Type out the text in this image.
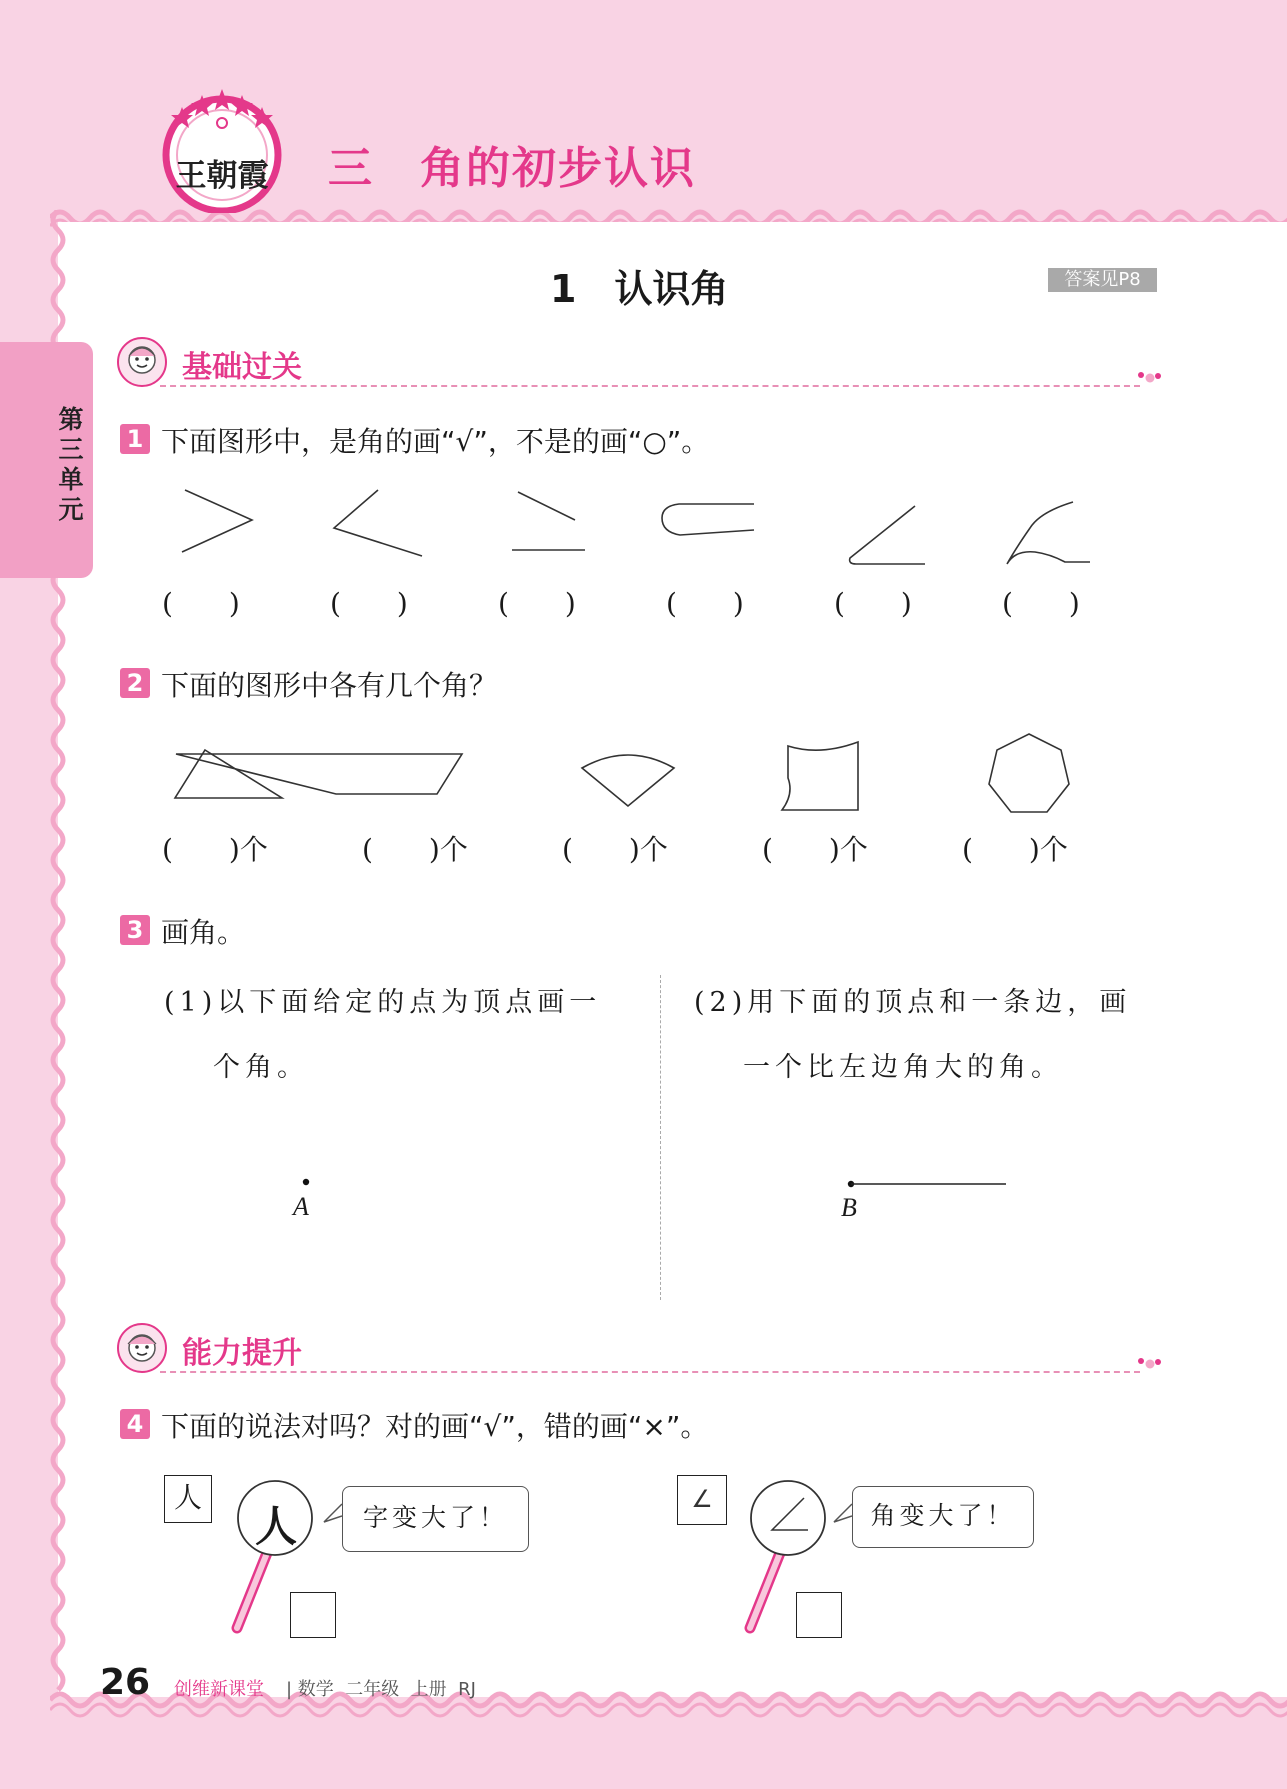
王朝霞 三　角的初步认识
第三单元
1　认识角	答案见P8
基础过关
1 下面图形中，是角的画“√”，不是的画“○”。
(　　)	(　　)	(　　)	(　　)	(　　)	(　　)
2 下面的图形中各有几个角？
(　　)个	(　　)个	(　　)个	(　　)个	(　　)个
3 画角。
(1)以下面给定的点为顶点画一
个角。
(2)用下面的顶点和一条边，画
一个比左边角大的角。
A	B
能力提升
4 下面的说法对吗？对的画“√”，错的画“×”。
人
人	字变大了！
∠
角变大了！
26 创维新课堂 | 数学  二年级  上册  RJ
